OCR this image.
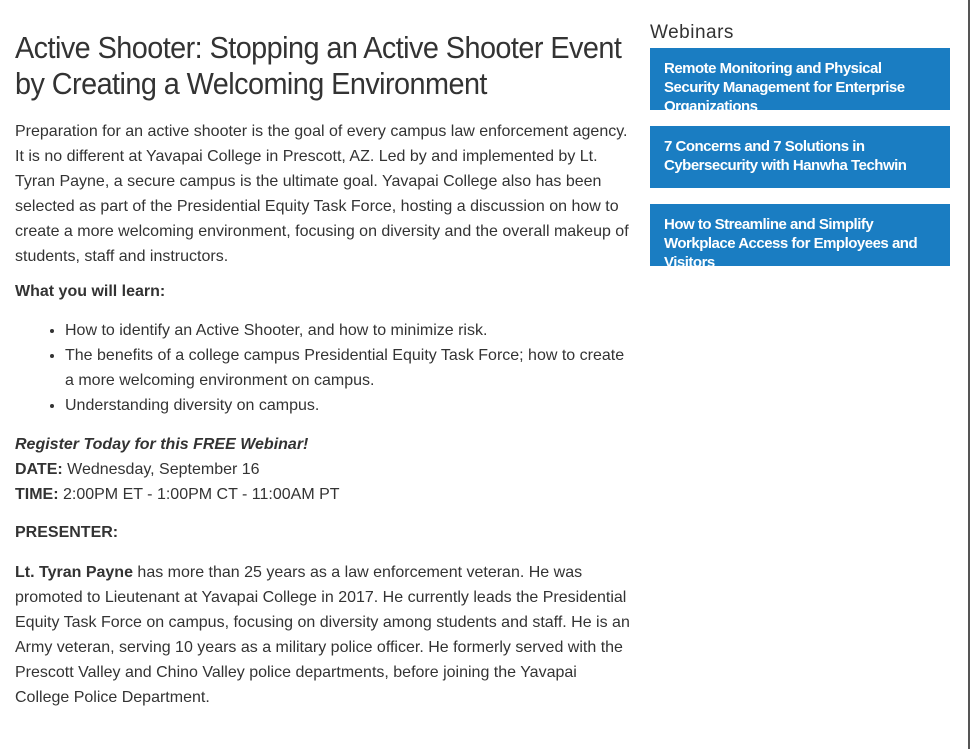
Active Shooter: Stopping an Active Shooter Event by Creating a Welcoming Environment

Preparation for an active shooter is the goal of every campus law enforcement agency. It is no different at Yavapai College in Prescott, AZ. Led by and implemented by Lt. Tyran Payne, a secure campus is the ultimate goal. Yavapai College also has been selected as part of the Presidential Equity Task Force, hosting a discussion on how to create a more welcoming environment, focusing on diversity and the overall makeup of students, staff and instructors.

What you will learn:

• How to identify an Active Shooter, and how to minimize risk.
• The benefits of a college campus Presidential Equity Task Force; how to create a more welcoming environment on campus.
• Understanding diversity on campus.

Register Today for this FREE Webinar!

DATE: Wednesday, September 16

TIME: 2:00PM ET - 1:00PM CT - 11:00AM PT

PRESENTER:

Lt. Tyran Payne has more than 25 years as a law enforcement veteran. He was promoted to Lieutenant at Yavapai College in 2017. He currently leads the Presidential Equity Task Force on campus, focusing on diversity among students and staff. He is an Army veteran, serving 10 years as a military police officer. He formerly served with the Prescott Valley and Chino Valley police departments, before joining the Yavapai College Police Department.

Webinars
Remote Monitoring and Physical Security Management for Enterprise Organizations
7 Concerns and 7 Solutions in Cybersecurity with Hanwha Techwin
How to Streamline and Simplify Workplace Access for Employees and Visitors
